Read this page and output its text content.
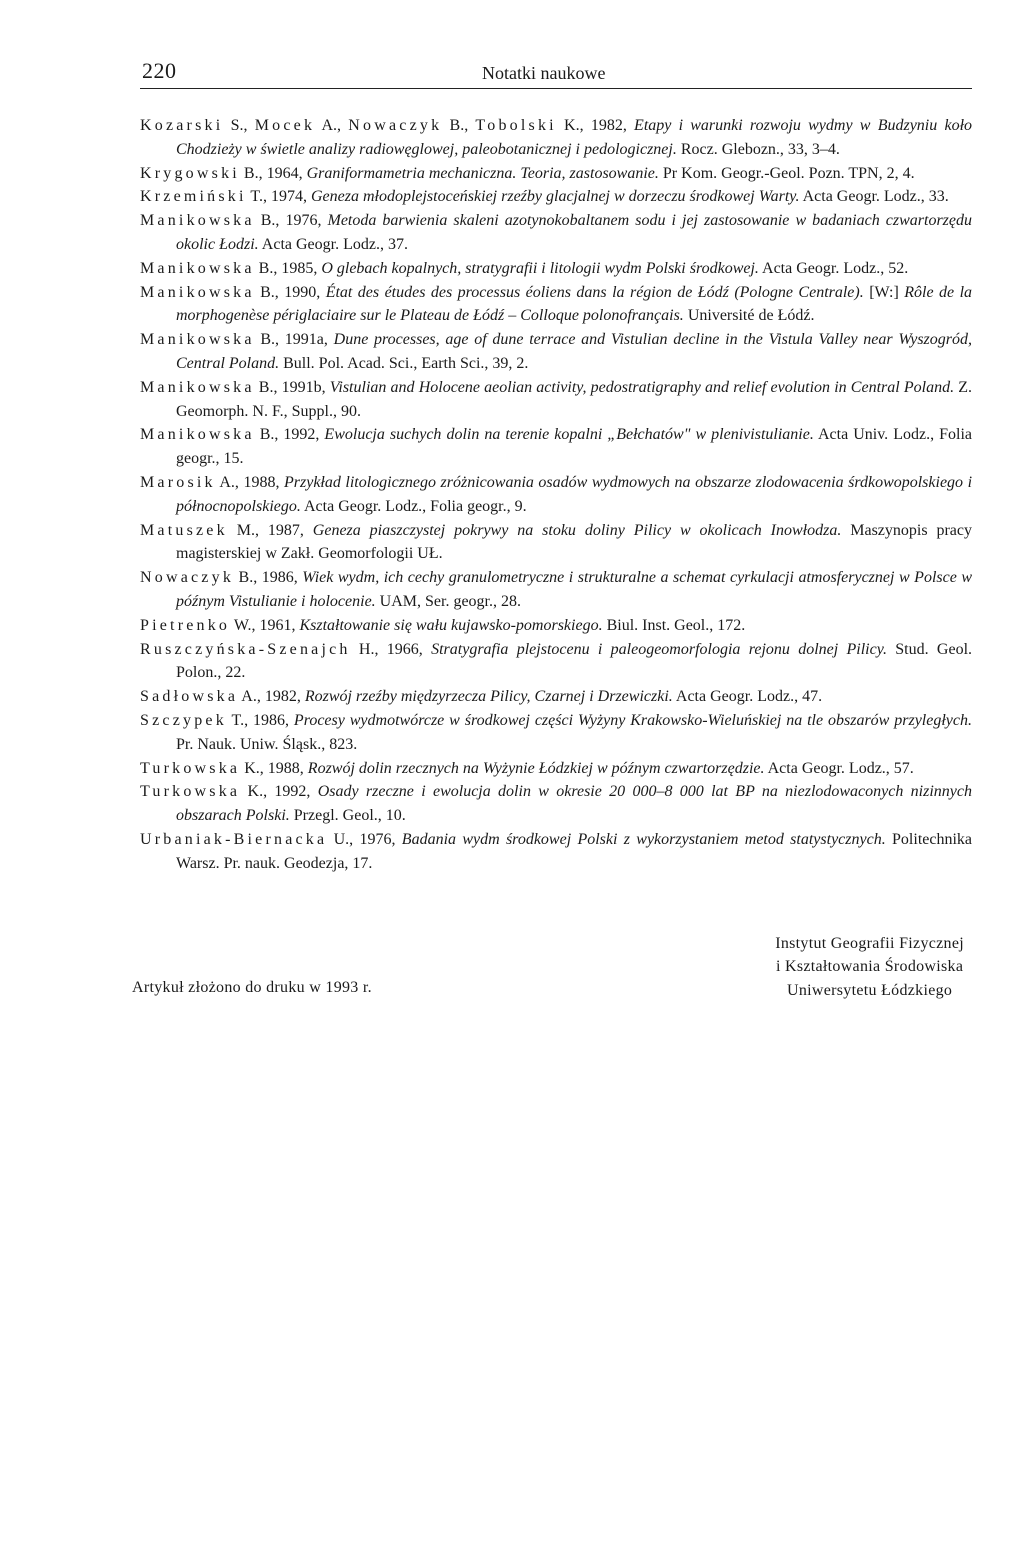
220	Notatki naukowe
Kozarski S., Mocek A., Nowaczyk B., Tobolski K., 1982, Etapy i warunki rozwoju wydmy w Budzyniu koło Chodzieży w świetle analizy radiowęglowej, paleobotanicznej i pedologicznej. Rocz. Glebozn., 33, 3–4.
Krygowski B., 1964, Graniformametria mechaniczna. Teoria, zastosowanie. Pr Kom. Geogr.-Geol. Pozn. TPN, 2, 4.
Krzemiński T., 1974, Geneza młodoplejstoceńskiej rzeźby glacjalnej w dorzeczu środkowej Warty. Acta Geogr. Lodz., 33.
Manikowska B., 1976, Metoda barwienia skaleni azotynokobaltanem sodu i jej zastosowanie w badaniach czwartorzędu okolic Łodzi. Acta Geogr. Lodz., 37.
Manikowska B., 1985, O glebach kopalnych, stratygrafii i litologii wydm Polski środkowej. Acta Geogr. Lodz., 52.
Manikowska B., 1990, État des études des processus éoliens dans la région de Łódź (Pologne Centrale). [W:] Rôle de la morphogenèse périglaciaire sur le Plateau de Łódź – Colloque polonofrançais. Université de Łódź.
Manikowska B., 1991a, Dune processes, age of dune terrace and Vistulian decline in the Vistula Valley near Wyszogród, Central Poland. Bull. Pol. Acad. Sci., Earth Sci., 39, 2.
Manikowska B., 1991b, Vistulian and Holocene aeolian activity, pedostratigraphy and relief evolution in Central Poland. Z. Geomorph. N. F., Suppl., 90.
Manikowska B., 1992, Ewolucja suchych dolin na terenie kopalni „Bełchatów" w plenivistulianie. Acta Univ. Lodz., Folia geogr., 15.
Marosik A., 1988, Przykład litologicznego zróżnicowania osadów wydmowych na obszarze zlodowacenia śrdkowopolskiego i północnopolskiego. Acta Geogr. Lodz., Folia geogr., 9.
Matuszek M., 1987, Geneza piaszczystej pokrywy na stoku doliny Pilicy w okolicach Inowłodza. Maszynopis pracy magisterskiej w Zakł. Geomorfologii UŁ.
Nowaczyk B., 1986, Wiek wydm, ich cechy granulometryczne i strukturalne a schemat cyrkulacji atmosferycznej w Polsce w późnym Vistulianie i holocenie. UAM, Ser. geogr., 28.
Pietrenko W., 1961, Kształtowanie się wału kujawsko-pomorskiego. Biul. Inst. Geol., 172.
Ruszczyńska-Szenajch H., 1966, Stratygrafia plejstocenu i paleogeomorfologia rejonu dolnej Pilicy. Stud. Geol. Polon., 22.
Sadłowska A., 1982, Rozwój rzeźby międzyrzecza Pilicy, Czarnej i Drzewiczki. Acta Geogr. Lodz., 47.
Szczypek T., 1986, Procesy wydmotwórcze w środkowej części Wyżyny Krakowsko-Wieluńskiej na tle obszarów przyległych. Pr. Nauk. Uniw. Śląsk., 823.
Turkowska K., 1988, Rozwój dolin rzecznych na Wyżynie Łódzkiej w późnym czwartorzędzie. Acta Geogr. Lodz., 57.
Turkowska K., 1992, Osady rzeczne i ewolucja dolin w okresie 20 000–8 000 lat BP na niezlodowaconych nizinnych obszarach Polski. Przegl. Geol., 10.
Urbaniak-Biernacka U., 1976, Badania wydm środkowej Polski z wykorzystaniem metod statystycznych. Politechnika Warsz. Pr. nauk. Geodezja, 17.
Artykuł złożono do druku w 1993 r.
Instytut Geografii Fizycznej
i Kształtowania Środowiska
Uniwersytetu Łódzkiego
